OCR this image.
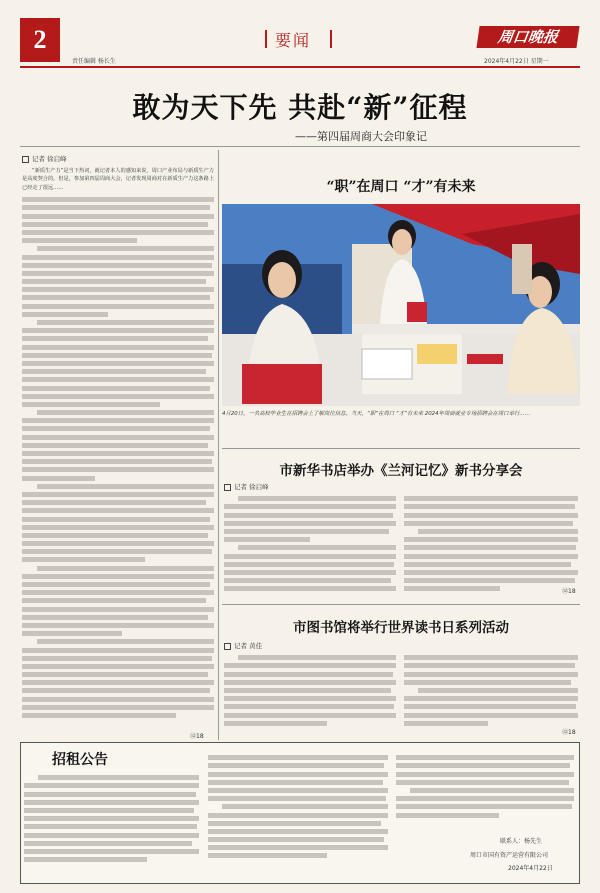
2
责任编辑 杨长生
要闻	周口晚报
2024年4月22日 星期一
敢为天下先 共赴“新”征程
——第四届周商大会印象记
记者 徐启峰

“新质生产力”是当下热词，就记者本人的感知来说，周口产业布局与新质生产力是高度契合的。但是，参加第四届周商大会，记者发现周商对在新质生产力这条路上已经走了很远……

⑫18
“职”在周口 “才”有未来
4月20日，一名高校毕业生在招聘会上了解岗位信息。当天，“职”在周口 “才”有未来 2024年周商就业专场招聘会在周口举行……
市新华书店举办《兰河记忆》新书分享会
记者 徐启峰
⑫18
市图书馆将举行世界读书日系列活动
记者 黄佳
⑫18
招租公告
联系人：杨先生
周口市国有资产运营有限公司
2024年4月22日
